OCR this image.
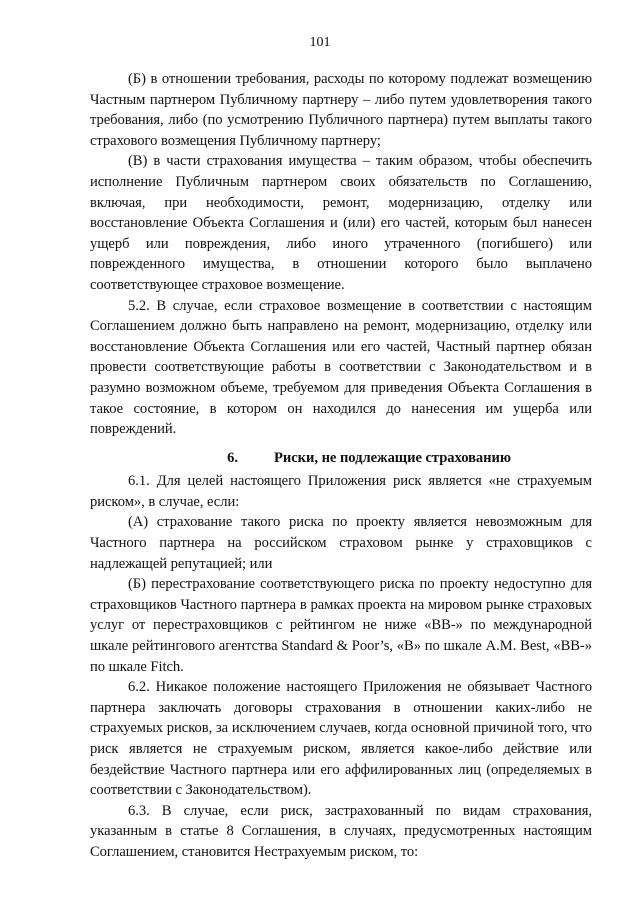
101

(Б) в отношении требования, расходы по которому подлежат возмещению Частным партнером Публичному партнеру – либо путем удовлетворения такого требования, либо (по усмотрению Публичного партнера) путем выплаты такого страхового возмещения Публичному партнеру;

(В) в части страхования имущества – таким образом, чтобы обеспечить исполнение Публичным партнером своих обязательств по Соглашению, включая, при необходимости, ремонт, модернизацию, отделку или восстановление Объекта Соглашения и (или) его частей, которым был нанесен ущерб или повреждения, либо иного утраченного (погибшего) или поврежденного имущества, в отношении которого было выплачено соответствующее страховое возмещение.

5.2. В случае, если страховое возмещение в соответствии с настоящим Соглашением должно быть направлено на ремонт, модернизацию, отделку или восстановление Объекта Соглашения или его частей, Частный партнер обязан провести соответствующие работы в соответствии с Законодательством и в разумно возможном объеме, требуемом для приведения Объекта Соглашения в такое состояние, в котором он находился до нанесения им ущерба или повреждений.

6. Риски, не подлежащие страхованию

6.1. Для целей настоящего Приложения риск является «не страхуемым риском», в случае, если:

(А) страхование такого риска по проекту является невозможным для Частного партнера на российском страховом рынке у страховщиков с надлежащей репутацией; или

(Б) перестрахование соответствующего риска по проекту недоступно для страховщиков Частного партнера в рамках проекта на мировом рынке страховых услуг от перестраховщиков с рейтингом не ниже «BB-» по международной шкале рейтингового агентства Standard & Poor’s, «B» по шкале A.M. Best, «BB-» по шкале Fitch.

6.2. Никакое положение настоящего Приложения не обязывает Частного партнера заключать договоры страхования в отношении каких-либо не страхуемых рисков, за исключением случаев, когда основной причиной того, что риск является не страхуемым риском, является какое-либо действие или бездействие Частного партнера или его аффилированных лиц (определяемых в соответствии с Законодательством).

6.3. В случае, если риск, застрахованный по видам страхования, указанным в статье 8 Соглашения, в случаях, предусмотренных настоящим Соглашением, становится Нестрахуемым риском, то:
